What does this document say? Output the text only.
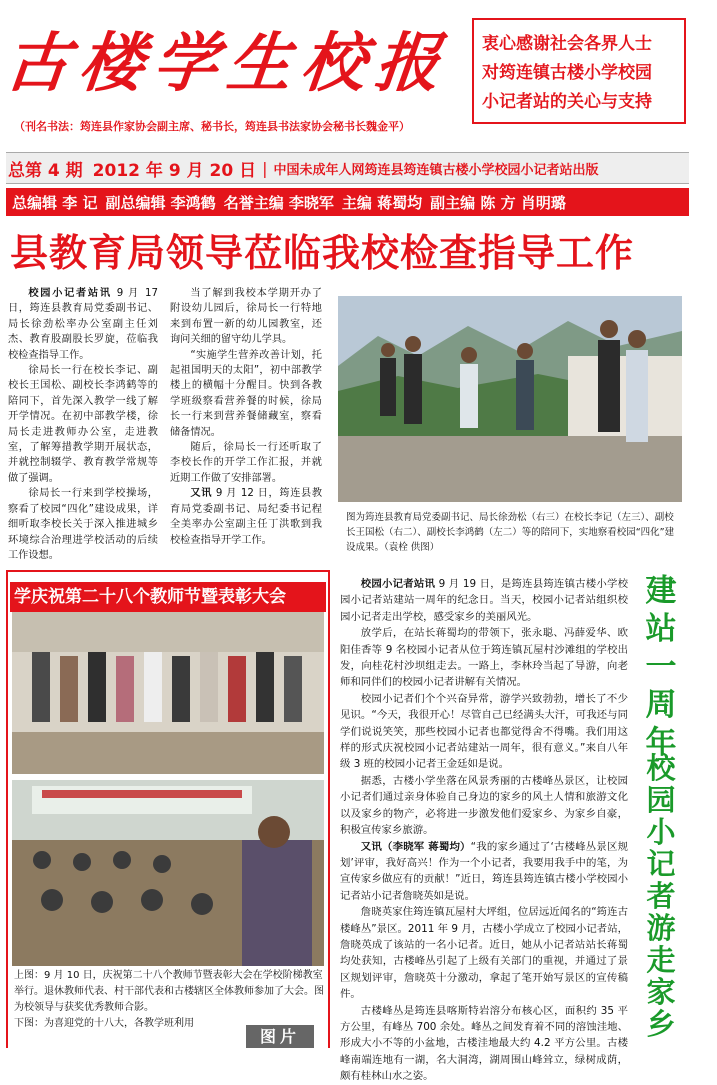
古楼学生校报
（刊名书法：筠连县作家协会副主席、秘书长，筠连县书法家协会秘书长魏金平）
衷心感谢社会各界人士
对筠连镇古楼小学校园
小记者站的关心与支持
总第 4 期 2012 年 9 月 20 日 | 中国未成年人网筠连县筠连镇古楼小学校园小记者站出版
总编辑 李 记 副总编辑 李鸿鹤 名誉主编 李晓军 主编 蒋蜀均 副主编 陈 方 肖明璐
县教育局领导莅临我校检查指导工作

校园小记者站讯 9 月 17 日，筠连县教育局党委副书记、局长徐劲松率办公室副主任刘杰、教育股副股长罗旋，莅临我校检查指导工作。

徐局长一行在校长李记、副校长王国松、副校长李鸿鹤等的陪同下，首先深入教学一线了解开学情况。在初中部教学楼，徐局长走进教师办公室，走进教室，了解筹措教学期开展状态，并就控制辍学、教育教学常规等做了强调。

徐局长一行来到学校操场，察看了校园“四化”建设成果，详细听取李校长关于深入推进城乡环境综合治理进学校活动的后续工作设想。

当了解到我校本学期开办了附设幼儿园后，徐局长一行特地来到布置一新的幼儿园教室，还询问关细的留守幼儿学具。

“实施学生营养改善计划，托起祖国明天的太阳”，初中部教学楼上的横幅十分醒目。快到各教学班级察看营养餐的时候，徐局长一行来到营养餐储藏室，察看储备情况。

随后，徐局长一行还听取了李校长作的开学工作汇报，并就近期工作做了安排部署。

又讯 9 月 12 日，筠连县教育局党委副书记、局纪委书记程全美率办公室副主任丁洪歌到我校检查指导开学工作。

图为筠连县教育局党委副书记、局长徐劲松（右三）在校长李记（左三）、副校长王国松（右二）、副校长李鸿鹤（左二）等的陪同下，实地察看校园“四化”建设成果。（袁栓 供图）
学庆祝第二十八个教师节暨表彰大会

上图：9 月 10 日，庆祝第二十八个教师节暨表彰大会在学校阶梯教室举行。退休教师代表、村干部代表和古楼辖区全体教师参加了大会。图为校领导与获奖优秀教师合影。

下图：为喜迎党的十八大，各教学班利用

图片

校园小记者站讯 9 月 19 日，是筠连县筠连镇古楼小学校园小记者站建站一周年的纪念日。当天，校园小记者站组织校园小记者走出学校，感受家乡的美丽风光。

放学后，在站长蒋蜀均的带领下，张永聪、冯薛爱华、欧阳佳香等 9 名校园小记者从位于筠连镇瓦屋村沙滩组的学校出发，向桂花村沙坝组走去。一路上，李林玲当起了导游，向老师和同伴们的校园小记者讲解有关情况。

校园小记者们个个兴奋异常，游学兴致勃勃，增长了不少见识。“今天，我很开心！尽管自己已经满头大汗，可我还与同学们说说笑笑，那些校园小记者也都觉得舍不得嘴。我们用这样的形式庆祝校园小记者站建站一周年，很有意义。”来自八年级 3 班的校园小记者王金廷如是说。

据悉，古楼小学坐落在风景秀丽的古楼峰丛景区，让校园小记者们通过亲身体验自己身边的家乡的风土人情和旅游文化以及家乡的物产，必将进一步激发他们爱家乡、为家乡自豪，积极宣传家乡旅游。

又讯（李晓军 蒋蜀均）“我的家乡通过了‘古楼峰丛景区规划’评审，我好高兴！作为一个小记者，我要用我手中的笔，为宣传家乡做应有的贡献！”近日，筠连县筠连镇古楼小学校园小记者站小记者詹晓英如是说。

詹晓英家住筠连镇瓦屋村大坪组，位居远近闻名的“筠连古楼峰丛”景区。2011 年 9 月，古楼小学成立了校园小记者站，詹晓英成了该站的一名小记者。近日，她从小记者站站长蒋蜀均处获知，古楼峰丛引起了上级有关部门的重视，并通过了景区规划评审，詹晓英十分激动，拿起了笔开始写景区的宣传稿件。

古楼峰丛是筠连县喀斯特岩溶分布核心区，面积约 35 平方公里，有峰丛 700 余处。峰丛之间发育着不同的溶蚀洼地、形成大小不等的小盆地，古楼洼地最大约 4.2 平方公里。古楼峰南端连地有一湖，名大洞湾，湖周围山峰耸立，绿树成荫，颇有桂林山水之姿。

建
站
一
周
年
校
园
小
记
者
游
走
家
乡
